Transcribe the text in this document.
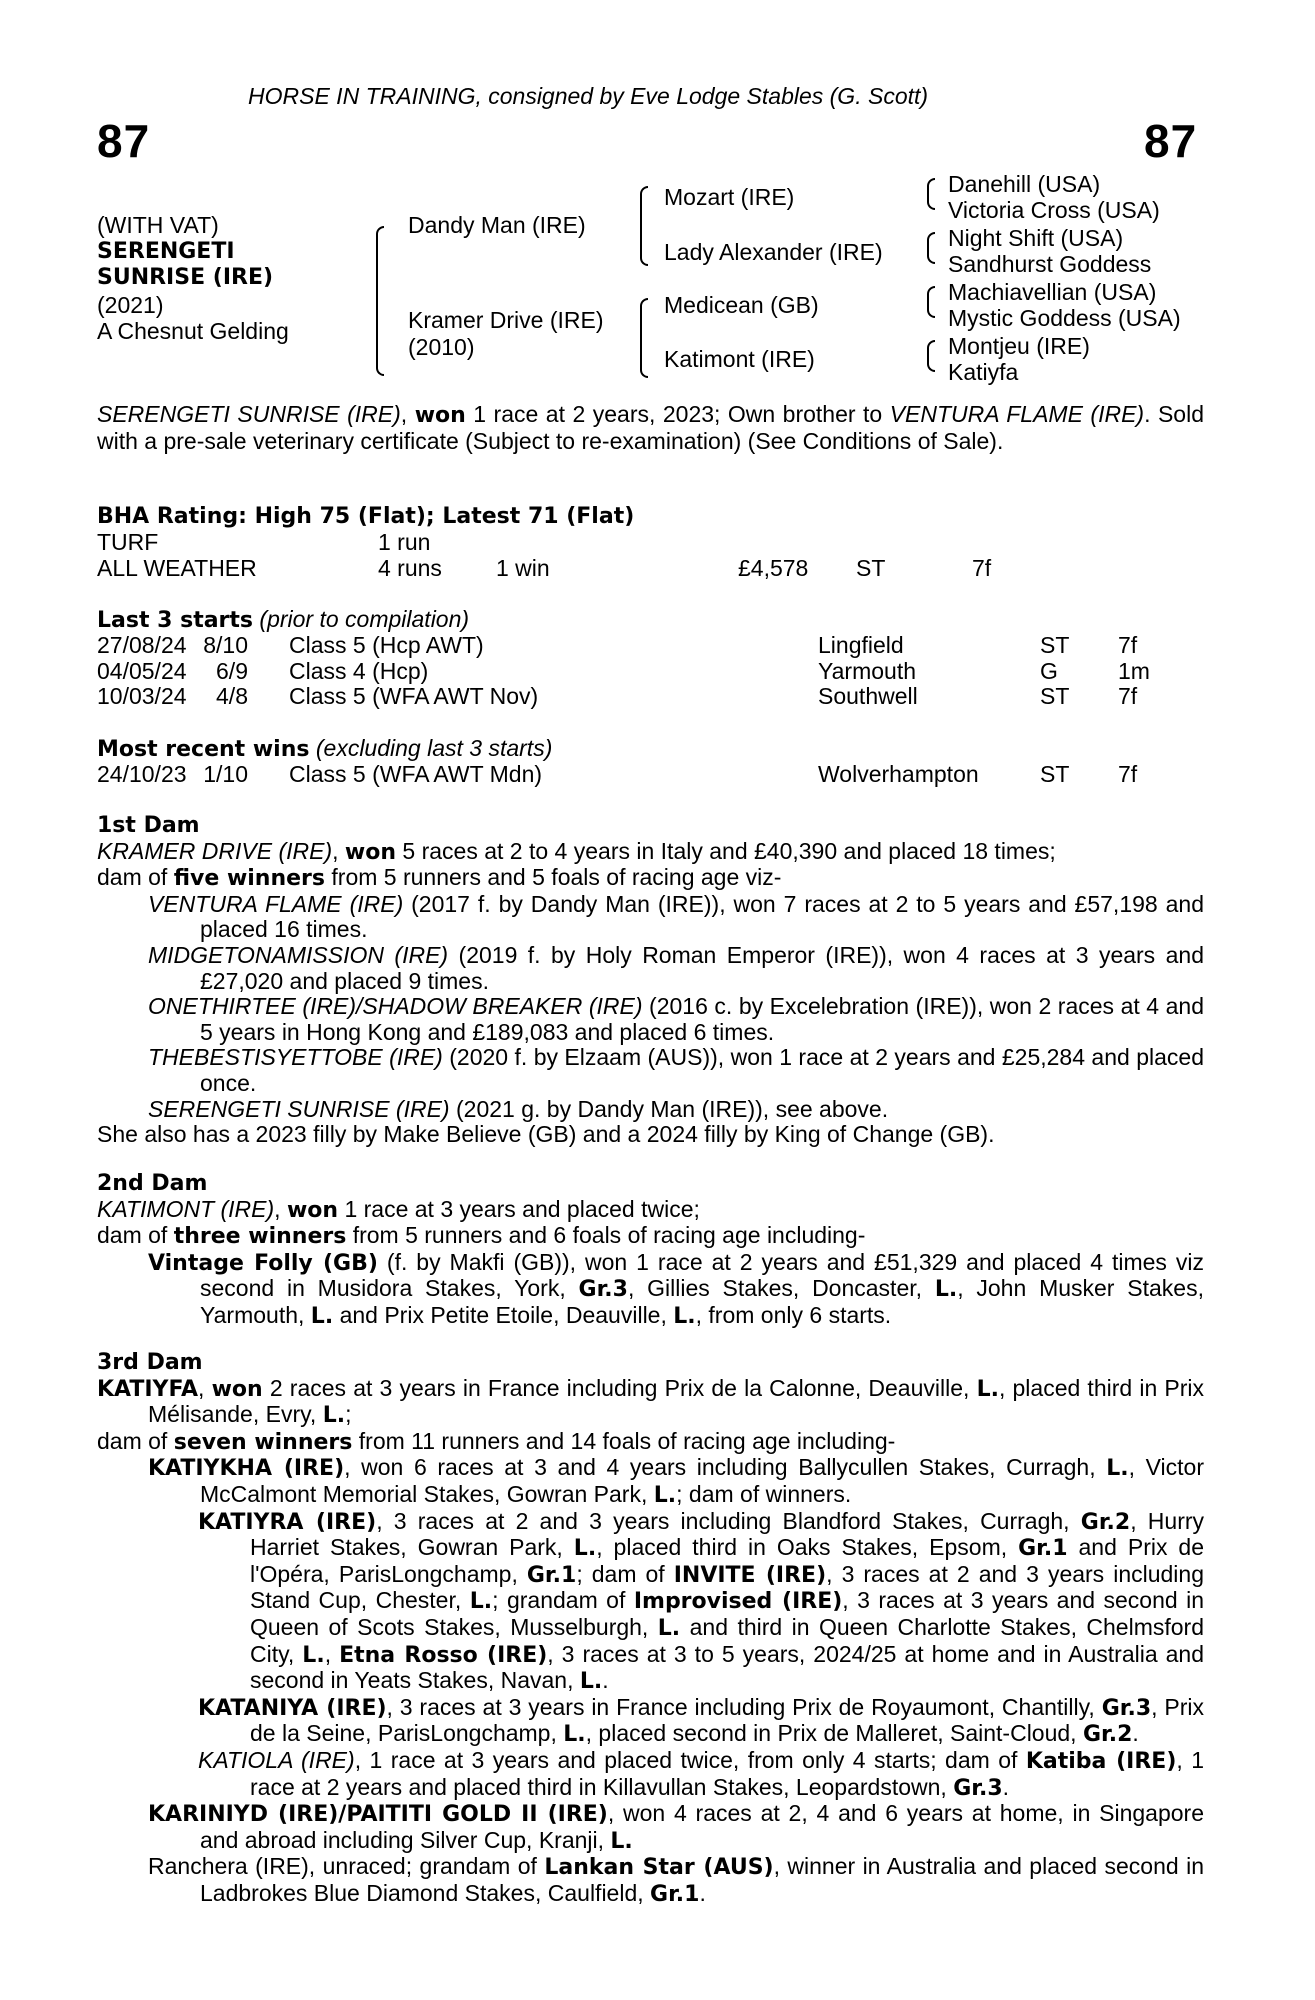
HORSE IN TRAINING, consigned by Eve Lodge Stables (G. Scott)
87	87
(WITH VAT)
SERENGETI
SUNRISE (IRE)
(2021)
A Chesnut Gelding
Dandy Man (IRE)
Kramer Drive (IRE)
(2010)
Mozart (IRE)
Lady Alexander (IRE)
Medicean (GB)
Katimont (IRE)
Danehill (USA)
Victoria Cross (USA)
Night Shift (USA)
Sandhurst Goddess
Machiavellian (USA)
Mystic Goddess (USA)
Montjeu (IRE)
Katiyfa

SERENGETI SUNRISE (IRE), won 1 race at 2 years, 2023; Own brother to VENTURA FLAME (IRE). Sold with a pre-sale veterinary certificate (Subject to re-examination) (See Conditions of Sale).

BHA Rating: High 75 (Flat); Latest 71 (Flat)
TURF	1 run
ALL WEATHER	4 runs 1 win	£4,578 ST	7f
Last 3 starts (prior to compilation)
27/08/24 8/10 Class 5 (Hcp AWT)	Lingfield	ST 7f
04/05/24 6/9 Class 4 (Hcp)	Yarmouth	G	1m
10/03/24 4/8 Class 5 (WFA AWT Nov)	Southwell	ST 7f
Most recent wins (excluding last 3 starts)
24/10/23 1/10 Class 5 (WFA AWT Mdn)	Wolverhampton	ST 7f
1st Dam

KRAMER DRIVE (IRE), won 5 races at 2 to 4 years in Italy and £40,390 and placed 18 times;

dam of five winners from 5 runners and 5 foals of racing age viz-

VENTURA FLAME (IRE) (2017 f. by Dandy Man (IRE)), won 7 races at 2 to 5 years and £57,198 and placed 16 times.

MIDGETONAMISSION (IRE) (2019 f. by Holy Roman Emperor (IRE)), won 4 races at 3 years and £27,020 and placed 9 times.

ONETHIRTEE (IRE)/SHADOW BREAKER (IRE) (2016 c. by Excelebration (IRE)), won 2 races at 4 and 5 years in Hong Kong and £189,083 and placed 6 times.

THEBESTISYETTOBE (IRE) (2020 f. by Elzaam (AUS)), won 1 race at 2 years and £25,284 and placed once.

SERENGETI SUNRISE (IRE) (2021 g. by Dandy Man (IRE)), see above.

She also has a 2023 filly by Make Believe (GB) and a 2024 filly by King of Change (GB).

2nd Dam

KATIMONT (IRE), won 1 race at 3 years and placed twice;

dam of three winners from 5 runners and 6 foals of racing age including-

Vintage Folly (GB) (f. by Makfi (GB)), won 1 race at 2 years and £51,329 and placed 4 times viz second in Musidora Stakes, York, Gr.3, Gillies Stakes, Doncaster, L., John Musker Stakes, Yarmouth, L. and Prix Petite Etoile, Deauville, L., from only 6 starts.

3rd Dam

KATIYFA, won 2 races at 3 years in France including Prix de la Calonne, Deauville, L., placed third in Prix Mélisande, Evry, L.;

dam of seven winners from 11 runners and 14 foals of racing age including-

KATIYKHA (IRE), won 6 races at 3 and 4 years including Ballycullen Stakes, Curragh, L., Victor McCalmont Memorial Stakes, Gowran Park, L.; dam of winners.

KATIYRA (IRE), 3 races at 2 and 3 years including Blandford Stakes, Curragh, Gr.2, Hurry Harriet Stakes, Gowran Park, L., placed third in Oaks Stakes, Epsom, Gr.1 and Prix de l'Opéra, ParisLongchamp, Gr.1; dam of INVITE (IRE), 3 races at 2 and 3 years including Stand Cup, Chester, L.; grandam of Improvised (IRE), 3 races at 3 years and second in Queen of Scots Stakes, Musselburgh, L. and third in Queen Charlotte Stakes, Chelmsford City, L., Etna Rosso (IRE), 3 races at 3 to 5 years, 2024/25 at home and in Australia and second in Yeats Stakes, Navan, L..

KATANIYA (IRE), 3 races at 3 years in France including Prix de Royaumont, Chantilly, Gr.3, Prix de la Seine, ParisLongchamp, L., placed second in Prix de Malleret, Saint-Cloud, Gr.2.

KATIOLA (IRE), 1 race at 3 years and placed twice, from only 4 starts; dam of Katiba (IRE), 1 race at 2 years and placed third in Killavullan Stakes, Leopardstown, Gr.3.

KARINIYD (IRE)/PAITITI GOLD II (IRE), won 4 races at 2, 4 and 6 years at home, in Singapore and abroad including Silver Cup, Kranji, L.

Ranchera (IRE), unraced; grandam of Lankan Star (AUS), winner in Australia and placed second in Ladbrokes Blue Diamond Stakes, Caulfield, Gr.1.
